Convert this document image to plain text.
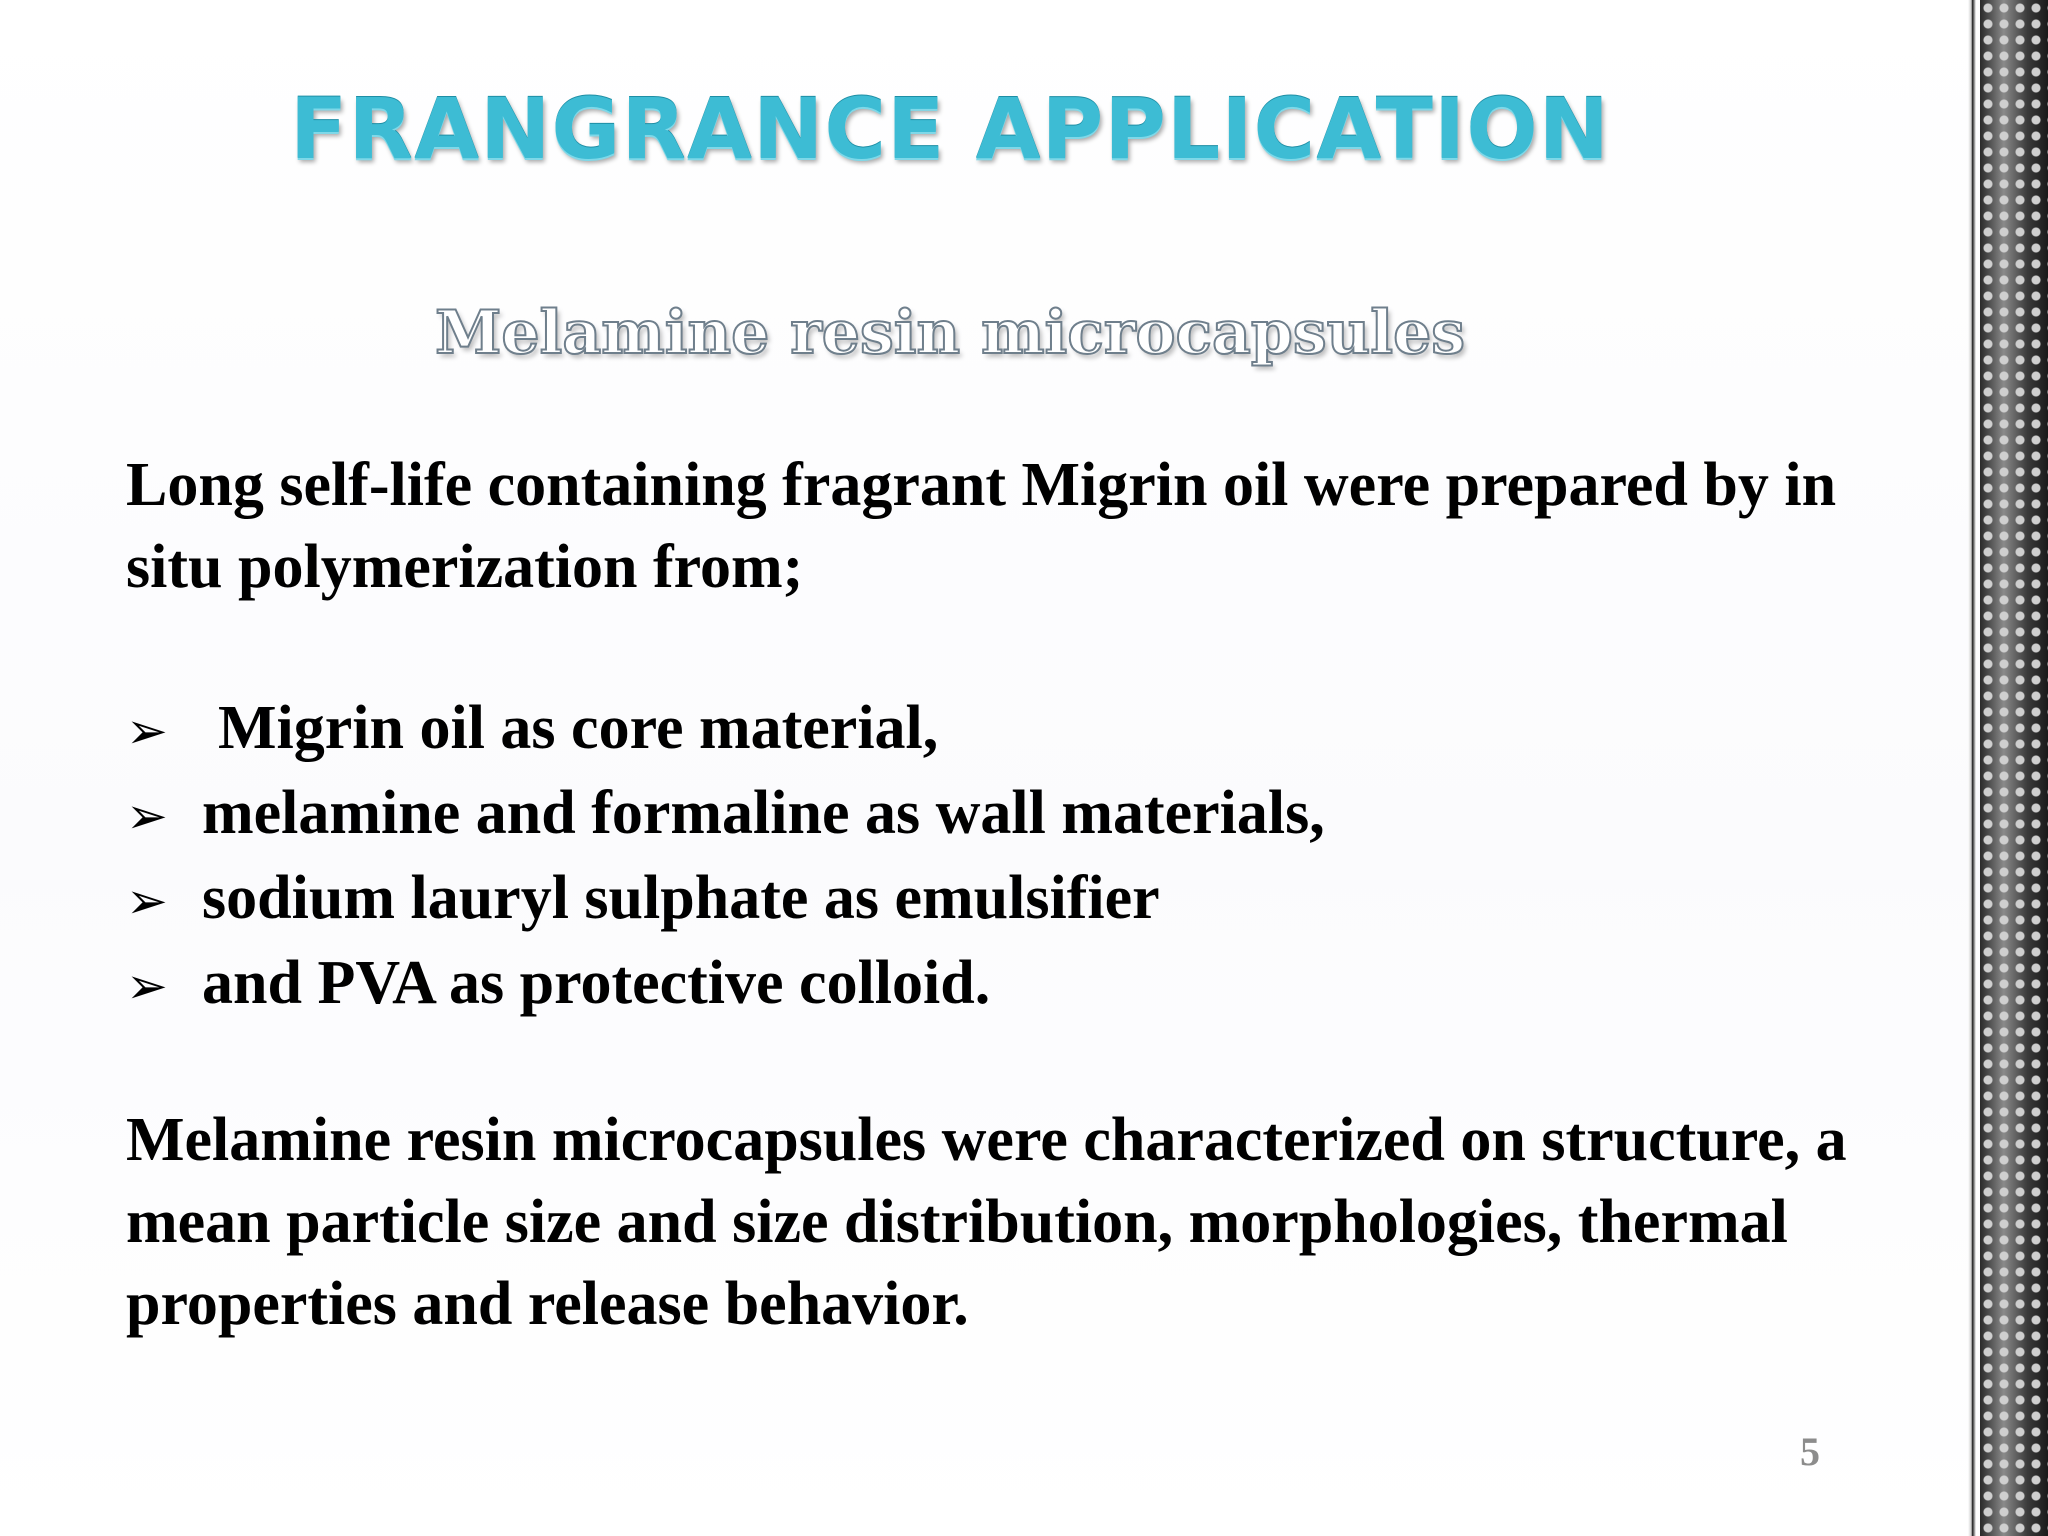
FRANGRANCE APPLICATION
Melamine resin microcapsules

Long self-life containing fragrant Migrin oil were prepared by in situ polymerization from;

➢ Migrin oil as core material,
➢ melamine and formaline as wall materials,
➢ sodium lauryl sulphate as emulsifier
➢ and PVA as protective colloid.

Melamine resin microcapsules were characterized on structure, a mean particle size and size distribution, morphologies, thermal properties and release behavior.

5
